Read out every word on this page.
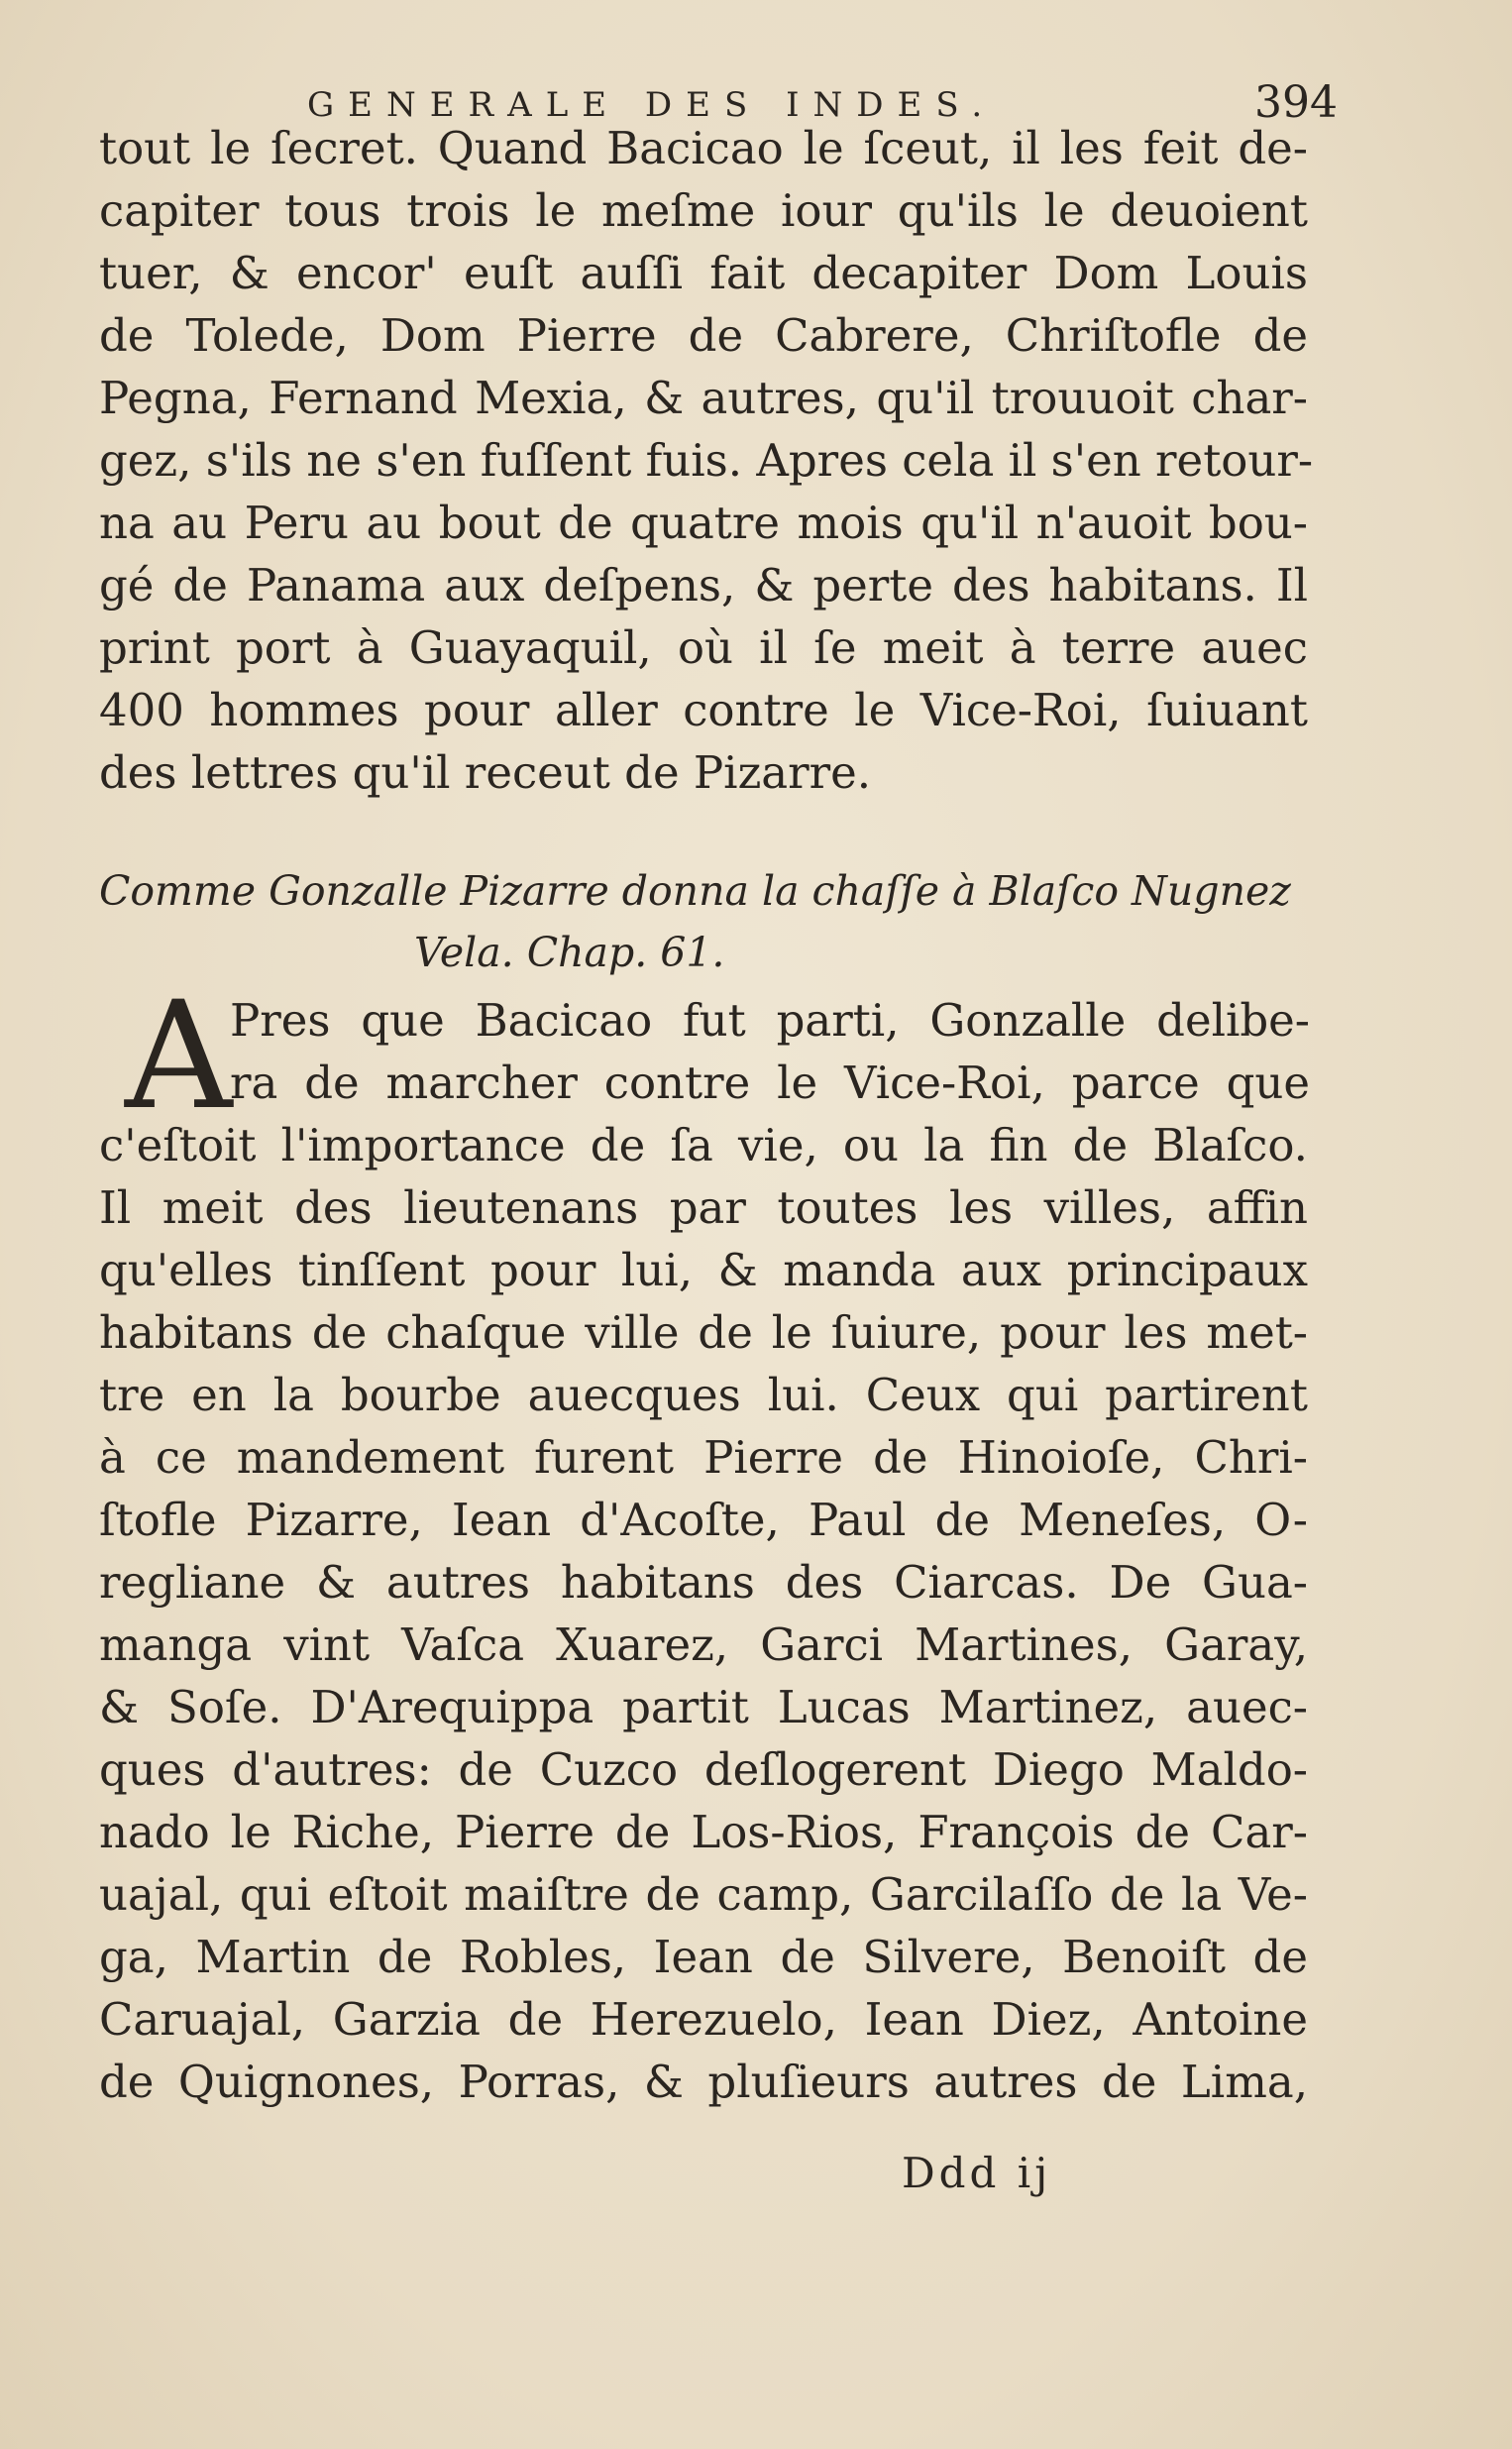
GENERALE DES INDES.	394
tout le ſecret. Quand Bacicao le ſceut, il les feit de-
capiter tous trois le meſme iour qu'ils le deuoient
tuer, & encor' euſt auſſi fait decapiter Dom Louis
de Tolede, Dom Pierre de Cabrere, Chriſtofle de
Pegna, Fernand Mexia, & autres, qu'il trouuoit char-
gez, s'ils ne s'en fuſſent fuis. Apres cela il s'en retour-
na au Peru au bout de quatre mois qu'il n'auoit bou-
gé de Panama aux deſpens, & perte des habitans. Il
print port à Guayaquil, où il ſe meit à terre auec
400 hommes pour aller contre le Vice-Roi, ſuiuant
des lettres qu'il receut de Pizarre.
Comme Gonzalle Pizarre donna la chaſſe à Blaſco Nugnez
Vela. Chap. 61.
A
Pres que Bacicao fut parti, Gonzalle delibe-
ra de marcher contre le Vice-Roi, parce que
c'eſtoit l'importance de ſa vie, ou la fin de Blaſco.
Il meit des lieutenans par toutes les villes, affin
qu'elles tinſſent pour lui, & manda aux principaux
habitans de chaſque ville de le ſuiure, pour les met-
tre en la bourbe auecques lui. Ceux qui partirent
à ce mandement furent Pierre de Hinoioſe, Chri-
ſtofle Pizarre, Iean d'Acoſte, Paul de Meneſes, O-
regliane & autres habitans des Ciarcas. De Gua-
manga vint Vaſca Xuarez, Garci Martines, Garay,
& Soſe. D'Arequippa partit Lucas Martinez, auec-
ques d'autres: de Cuzco deſlogerent Diego Maldo-
nado le Riche, Pierre de Los-Rios, François de Car-
uajal, qui eſtoit maiſtre de camp, Garcilaſſo de la Ve-
ga, Martin de Robles, Iean de Silvere, Benoiſt de
Caruajal, Garzia de Herezuelo, Iean Diez, Antoine
de Quignones, Porras, & pluſieurs autres de Lima,
Ddd ij
